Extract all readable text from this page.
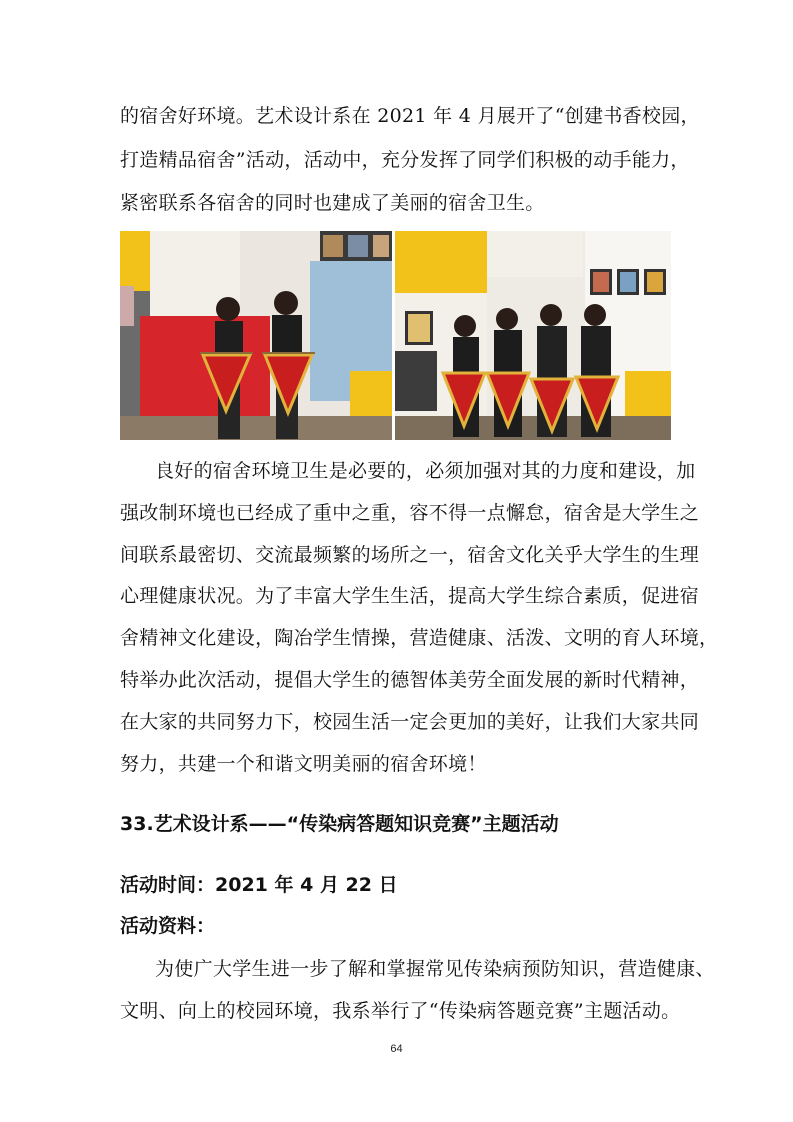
的宿舍好环境。艺术设计系在 2021 年 4 月展开了“创建书香校园，
打造精品宿舍”活动，活动中，充分发挥了同学们积极的动手能力，
紧密联系各宿舍的同时也建成了美丽的宿舍卫生。
良好的宿舍环境卫生是必要的，必须加强对其的力度和建设，加
强改制环境也已经成了重中之重，容不得一点懈怠，宿舍是大学生之
间联系最密切、交流最频繁的场所之一，宿舍文化关乎大学生的生理
心理健康状况。为了丰富大学生生活，提高大学生综合素质，促进宿
舍精神文化建设，陶冶学生情操，营造健康、活泼、文明的育人环境，
特举办此次活动，提倡大学生的德智体美劳全面发展的新时代精神，
在大家的共同努力下，校园生活一定会更加的美好，让我们大家共同
努力，共建一个和谐文明美丽的宿舍环境！
33.艺术设计系——“传染病答题知识竞赛”主题活动
活动时间：2021 年 4 月 22 日
活动资料：
为使广大学生进一步了解和掌握常见传染病预防知识，营造健康、
文明、向上的校园环境，我系举行了“传染病答题竞赛”主题活动。
64
